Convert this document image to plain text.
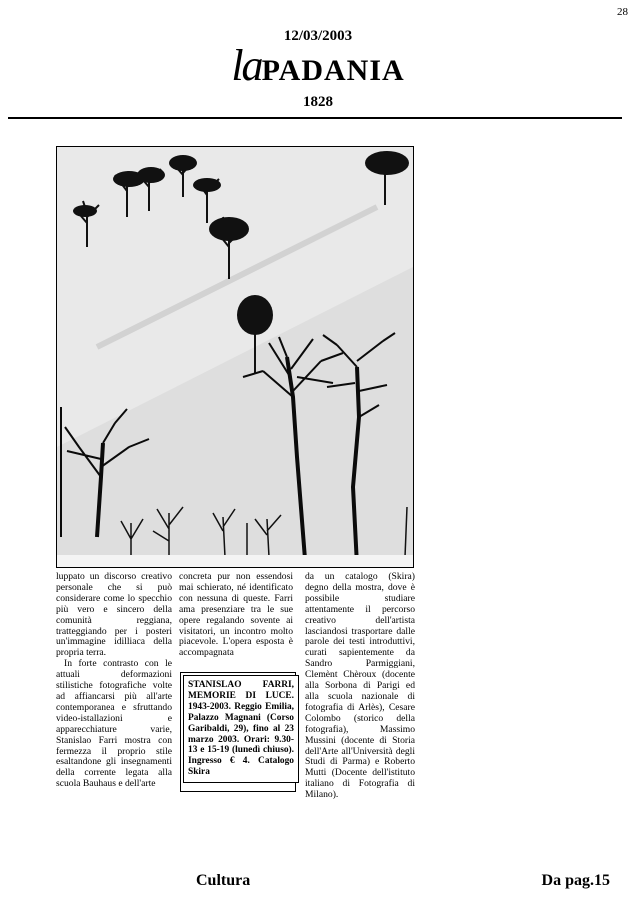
28
12/03/2003
laPADANIA
1828

luppato un discorso creativo personale che si può considerare come lo specchio più vero e sincero della comunità reggiana, tratteggiando per i posteri un'immagine idilliaca della propria terra.

In forte contrasto con le attuali deformazioni stilistiche fotografiche volte ad affiancarsi più all'arte contemporanea e sfruttando video-istallazioni e apparecchiature varie, Stanislao Farri mostra con fermezza il proprio stile esaltandone gli insegnamenti della corrente legata alla scuola Bauhaus e dell'arte

concreta pur non essendosi mai schierato, né identificato con nessuna di queste. Farri ama presenziare tra le sue opere regalando sovente ai visitatori, un incontro molto piacevole. L'opera esposta è accompagnata

STANISLAO FARRI, MEMORIE DI LUCE. 1943-2003. Reggio Emilia, Palazzo Magnani (Corso Garibaldi, 29), fino al 23 marzo 2003. Orari: 9.30-13 e 15-19 (lunedì chiuso). Ingresso € 4. Catalogo Skira

da un catalogo (Skira) degno della mostra, dove è possibile studiare attentamente il percorso creativo dell'artista lasciandosi trasportare dalle parole dei testi introduttivi, curati sapientemente da Sandro Parmiggiani, Clemènt Chèroux (docente alla Sorbona di Parigi ed alla scuola nazionale di fotografia di Arlès), Cesare Colombo (storico della fotografia), Massimo Mussini (docente di Storia dell'Arte all'Università degli Studi di Parma) e Roberto Mutti (Docente dell'istituto italiano di Fotografia di Milano).

Cultura	Da pag.15
